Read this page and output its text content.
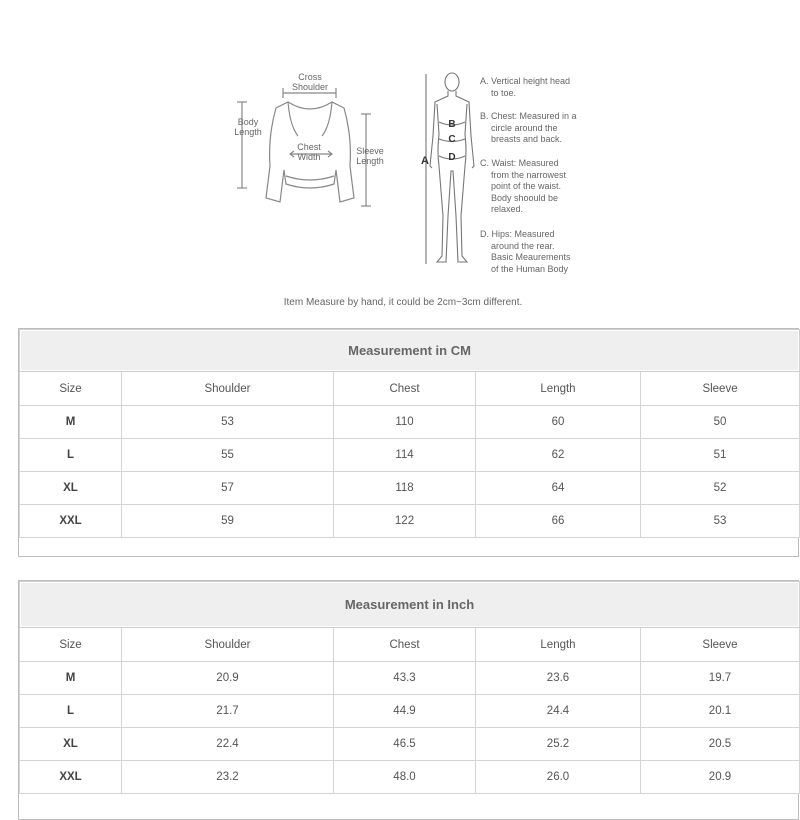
Cross
Shoulder
Body
Length
Chest
Width
Sleeve
Length
B
C
A D
A. Vertical height head
to toe.
B. Chest: Measured in a
circle around the
breasts and back.
C. Waist: Measured
from the narrowest
point of the waist.
Body shoould be
relaxed.
D. Hips: Measured
around the rear.
Basic Meaurements
of the Human Body
Item Measure by hand, it could be 2cm~3cm different.
Measurement in CM				
Size	Shoulder	Chest	Length	Sleeve
M	53	110	60	50
L	55	114	62	51
XL	57	118	64	52
XXL	59	122	66	53
Measurement in Inch				
Size	Shoulder	Chest	Length	Sleeve
M	20.9	43.3	23.6	19.7
L	21.7	44.9	24.4	20.1
XL	22.4	46.5	25.2	20.5
XXL	23.2	48.0	26.0	20.9
